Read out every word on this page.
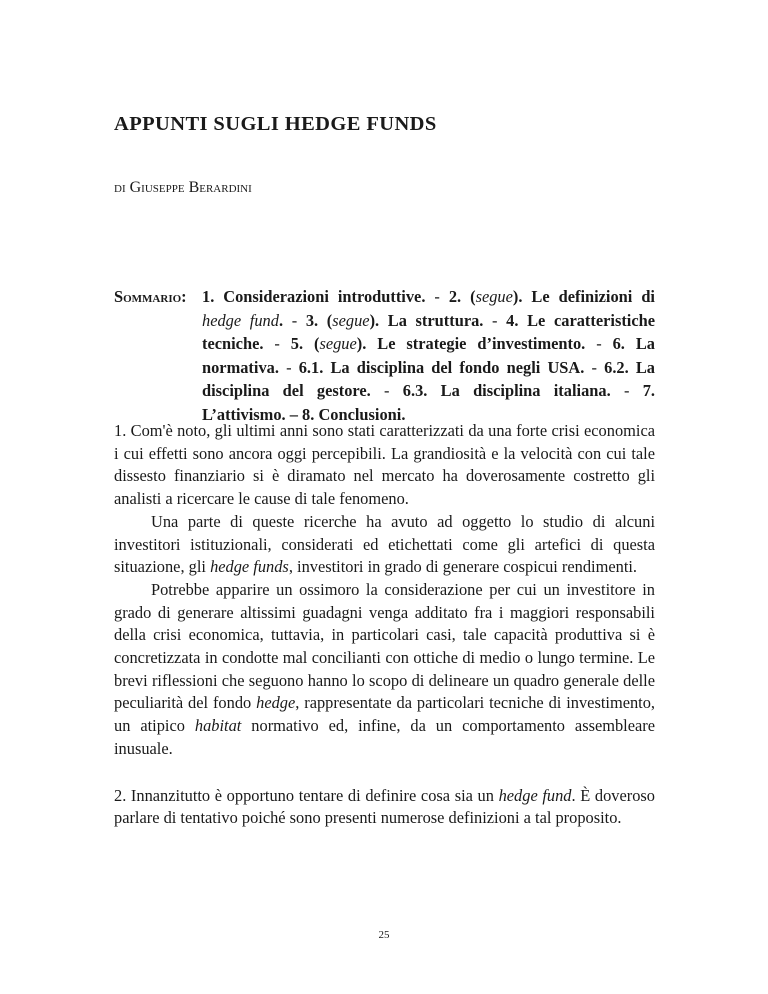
APPUNTI SUGLI HEDGE FUNDS

di Giuseppe Berardini

Sommario: 1. Considerazioni introduttive. - 2. (segue). Le definizioni di hedge fund. - 3. (segue). La struttura. - 4. Le caratteristiche tecniche. - 5. (segue). Le strategie d’investimento. - 6. La normativa. - 6.1. La disciplina del fondo negli USA. - 6.2. La disciplina del gestore. - 6.3. La disciplina italiana. - 7. L’attivismo. – 8. Conclusioni.

1. Com'è noto, gli ultimi anni sono stati caratterizzati da una forte crisi economica i cui effetti sono ancora oggi percepibili. La grandiosità e la velocità con cui tale dissesto finanziario si è diramato nel mercato ha doverosamente costretto gli analisti a ricercare le cause di tale fenomeno.

Una parte di queste ricerche ha avuto ad oggetto lo studio di alcuni investitori istituzionali, considerati ed etichettati come gli artefici di questa situazione, gli hedge funds, investitori in grado di generare cospicui rendimenti.

Potrebbe apparire un ossimoro la considerazione per cui un investitore in grado di generare altissimi guadagni venga additato fra i maggiori responsabili della crisi economica, tuttavia, in particolari casi, tale capacità produttiva si è concretizzata in condotte mal concilianti con ottiche di medio o lungo termine. Le brevi riflessioni che seguono hanno lo scopo di delineare un quadro generale delle peculiarità del fondo hedge, rappresentate da particolari tecniche di investimento, un atipico habitat normativo ed, infine, da un comportamento assembleare inusuale.

2. Innanzitutto è opportuno tentare di definire cosa sia un hedge fund. È doveroso parlare di tentativo poiché sono presenti numerose definizioni a tal proposito.

25
